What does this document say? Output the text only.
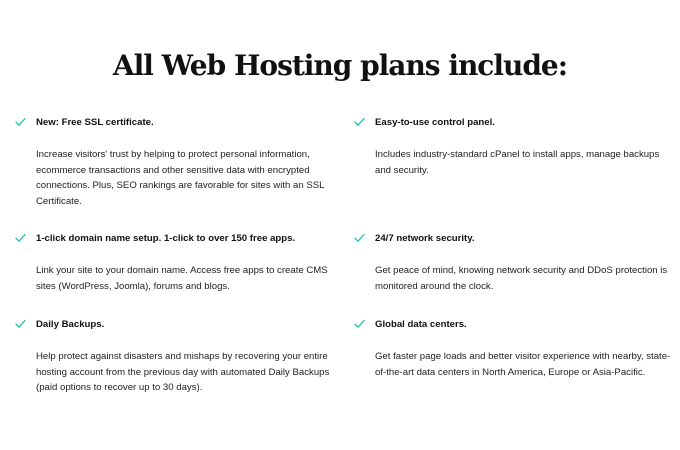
All Web Hosting plans include:
New: Free SSL certificate.
Increase visitors' trust by helping to protect personal information, ecommerce transactions and other sensitive data with encrypted connections. Plus, SEO rankings are favorable for sites with an SSL Certificate.
Easy-to-use control panel.
Includes industry-standard cPanel to install apps, manage backups and security.
1-click domain name setup. 1-click to over 150 free apps.
Link your site to your domain name. Access free apps to create CMS sites (WordPress, Joomla), forums and blogs.
24/7 network security.
Get peace of mind, knowing network security and DDoS protection is monitored around the clock.
Daily Backups.
Help protect against disasters and mishaps by recovering your entire hosting account from the previous day with automated Daily Backups (paid options to recover up to 30 days).
Global data centers.
Get faster page loads and better visitor experience with nearby, state-of-the-art data centers in North America, Europe or Asia-Pacific.
